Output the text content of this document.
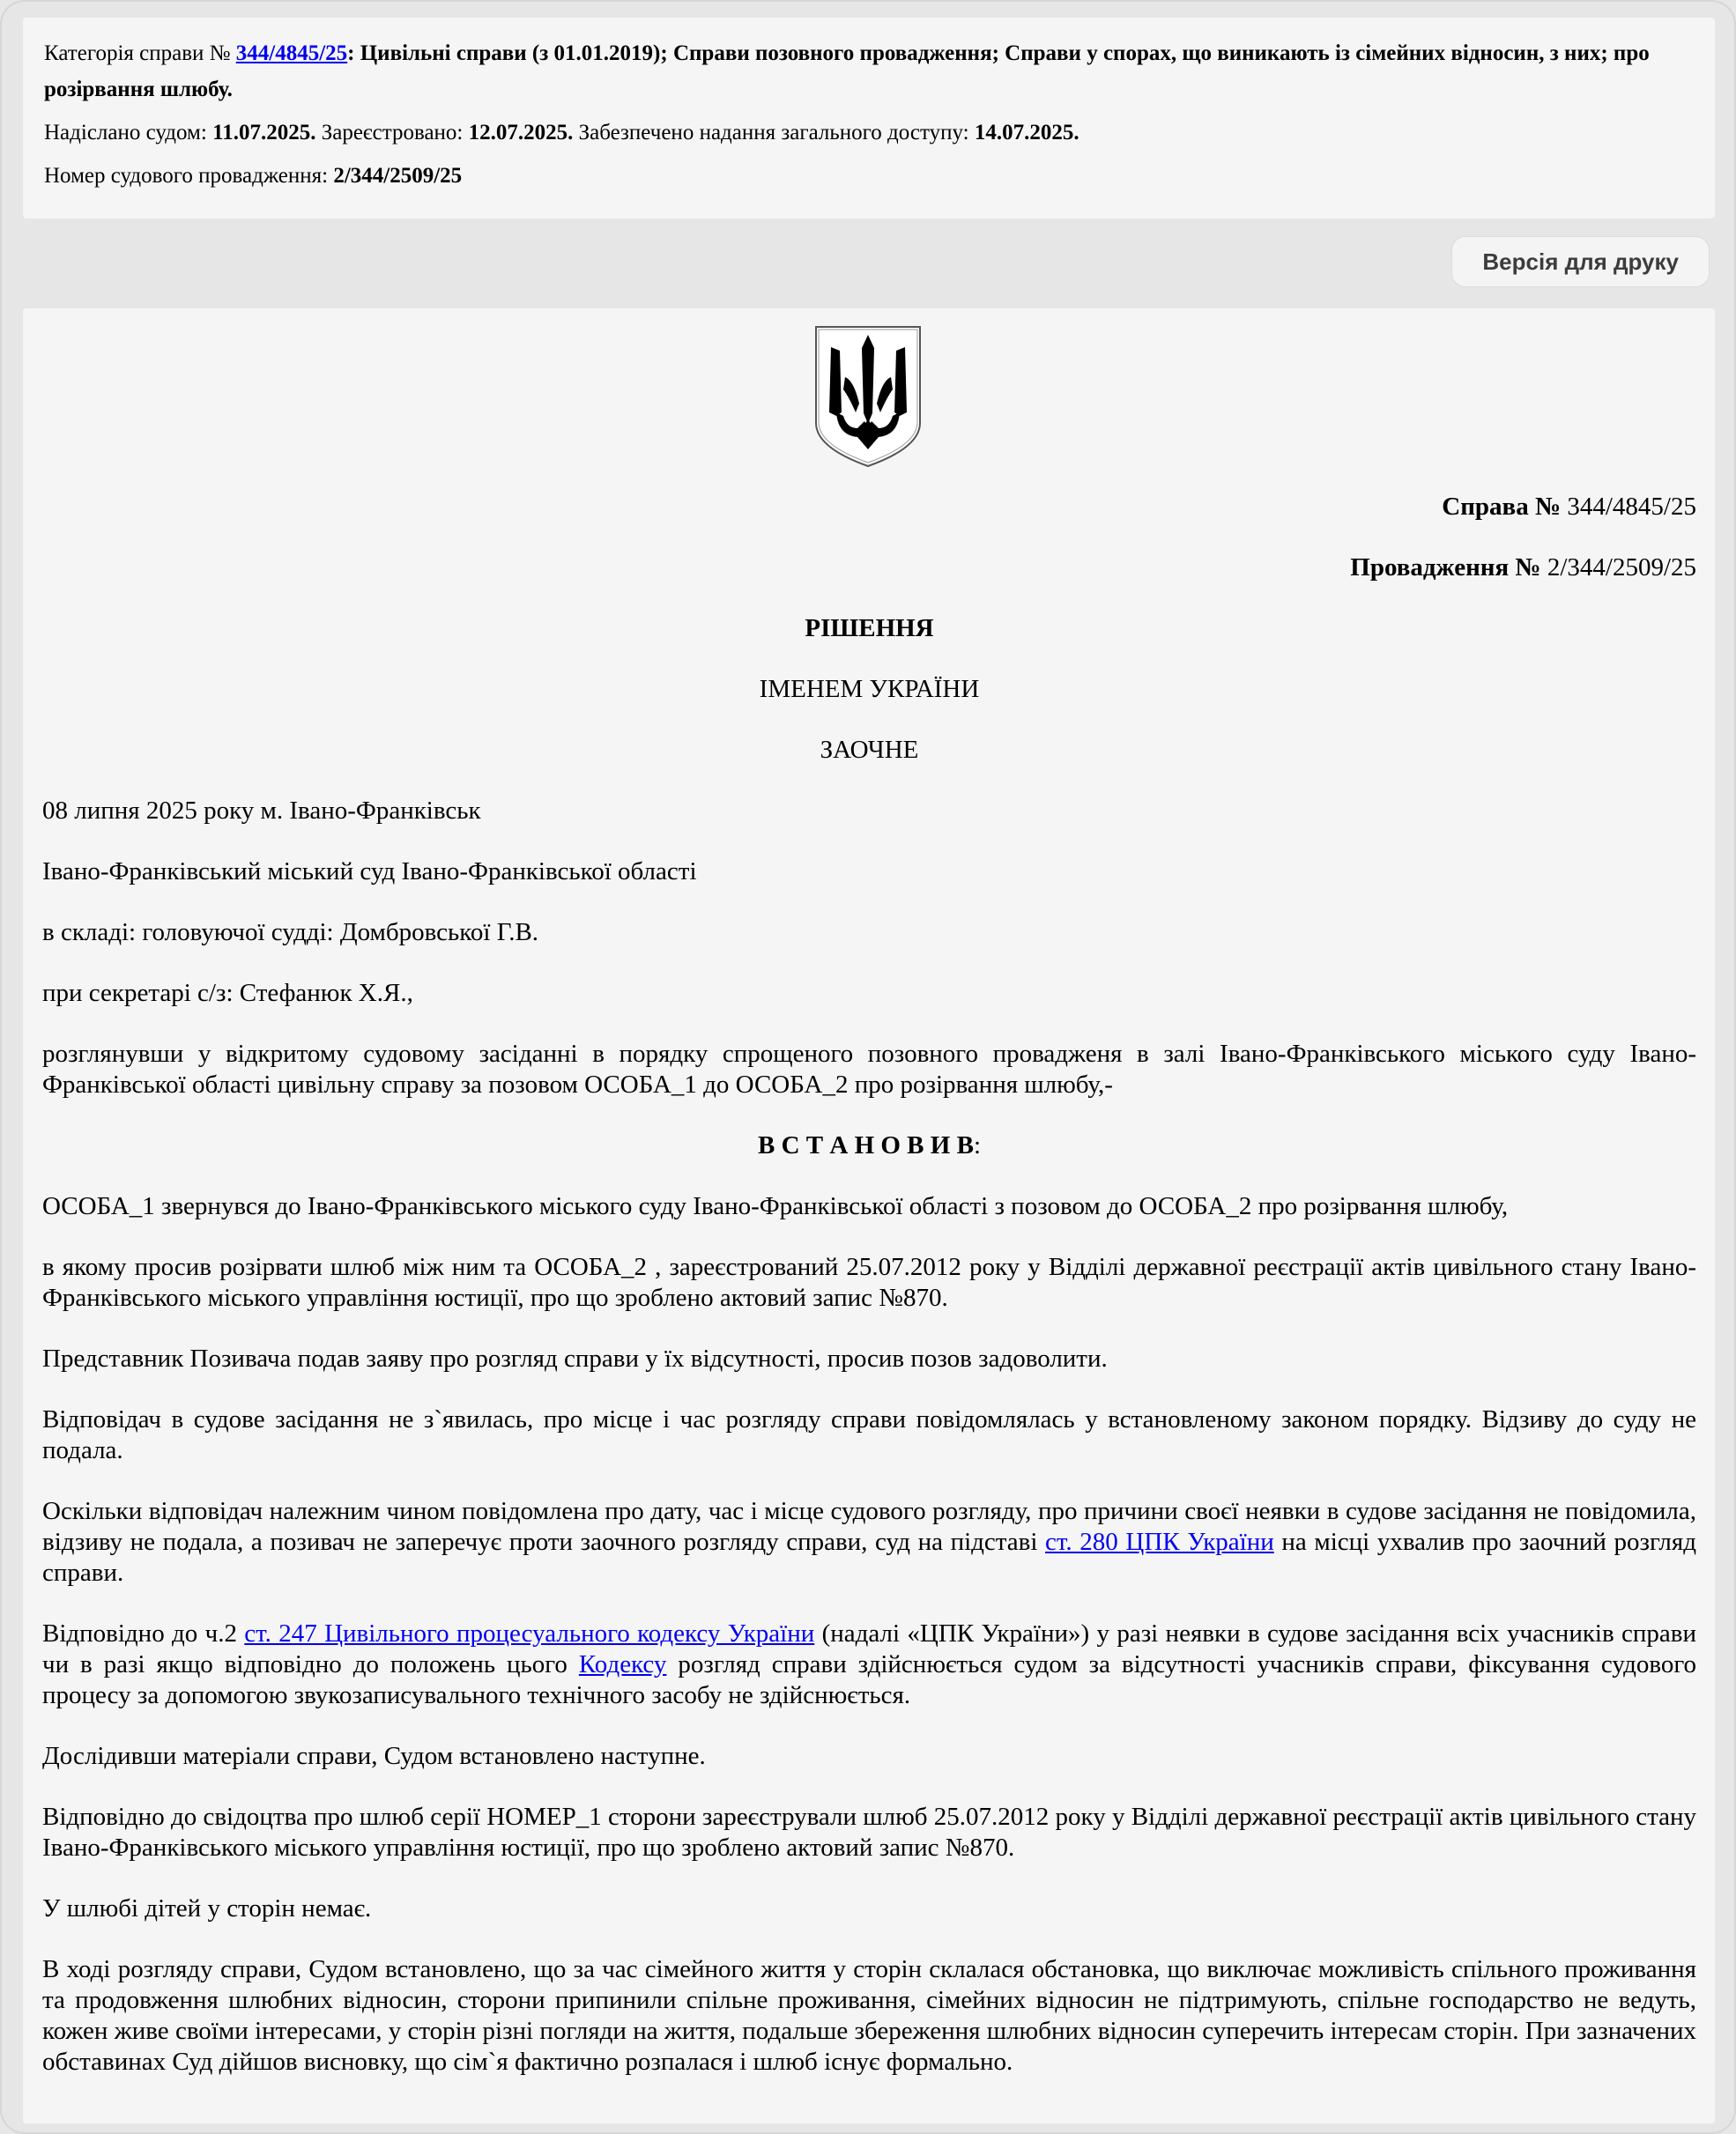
Категорія справи № 344/4845/25: Цивільні справи (з 01.01.2019); Справи позовного провадження; Справи у спорах, що виникають із сімейних відносин, з них; про розірвання шлюбу.

Надіслано судом: 11.07.2025. Зареєстровано: 12.07.2025. Забезпечено надання загального доступу: 14.07.2025.

Номер судового провадження: 2/344/2509/25

Версія для друку

Справа № 344/4845/25

Провадження № 2/344/2509/25

РІШЕННЯ

ІМЕНЕМ УКРАЇНИ

ЗАОЧНЕ

08 липня 2025 року м. Івано-Франківськ

Івано-Франківський міський суд Івано-Франківської області

в складі: головуючої судді: Домбровської Г.В.

при секретарі с/з: Стефанюк Х.Я.,

розглянувши у відкритому судовому засіданні в порядку спрощеного позовного провадженя в залі Івано-Франківського міського суду Івано-Франківської області цивільну справу за позовом ОСОБА_1 до ОСОБА_2 про розірвання шлюбу,-

В С Т А Н О В И В:

ОСОБА_1 звернувся до Івано-Франківського міського суду Івано-Франківської області з позовом до ОСОБА_2 про розірвання шлюбу,

в якому просив розірвати шлюб між ним та ОСОБА_2 , зареєстрований 25.07.2012 року у Відділі державної реєстрації актів цивільного стану Івано-Франківського міського управління юстиції, про що зроблено актовий запис №870.

Представник Позивача подав заяву про розгляд справи у їх відсутності, просив позов задоволити.

Відповідач в судове засідання не з`явилась, про місце і час розгляду справи повідомлялась у встановленому законом порядку. Відзиву до суду не подала.

Оскільки відповідач належним чином повідомлена про дату, час і місце судового розгляду, про причини своєї неявки в судове засідання не повідомила, відзиву не подала, а позивач не заперечує проти заочного розгляду справи, суд на підставі ст. 280 ЦПК України на місці ухвалив про заочний розгляд справи.

Відповідно до ч.2 ст. 247 Цивільного процесуального кодексу України (надалі «ЦПК України») у разі неявки в судове засідання всіх учасників справи чи в разі якщо відповідно до положень цього Кодексу розгляд справи здійснюється судом за відсутності учасників справи, фіксування судового процесу за допомогою звукозаписувального технічного засобу не здійснюється.

Дослідивши матеріали справи, Судом встановлено наступне.

Відповідно до свідоцтва про шлюб серії НОМЕР_1 сторони зареєстрували шлюб 25.07.2012 року у Відділі державної реєстрації актів цивільного стану Івано-Франківського міського управління юстиції, про що зроблено актовий запис №870.

У шлюбі дітей у сторін немає.

В ході розгляду справи, Судом встановлено, що за час сімейного життя у сторін склалася обстановка, що виключає можливість спільного проживання та продовження шлюбних відносин, сторони припинили спільне проживання, сімейних відносин не підтримують, спільне господарство не ведуть, кожен живе своїми інтересами, у сторін різні погляди на життя, подальше збереження шлюбних відносин суперечить інтересам сторін. При зазначених обставинах Суд дійшов висновку, що сім`я фактично розпалася і шлюб існує формально.
